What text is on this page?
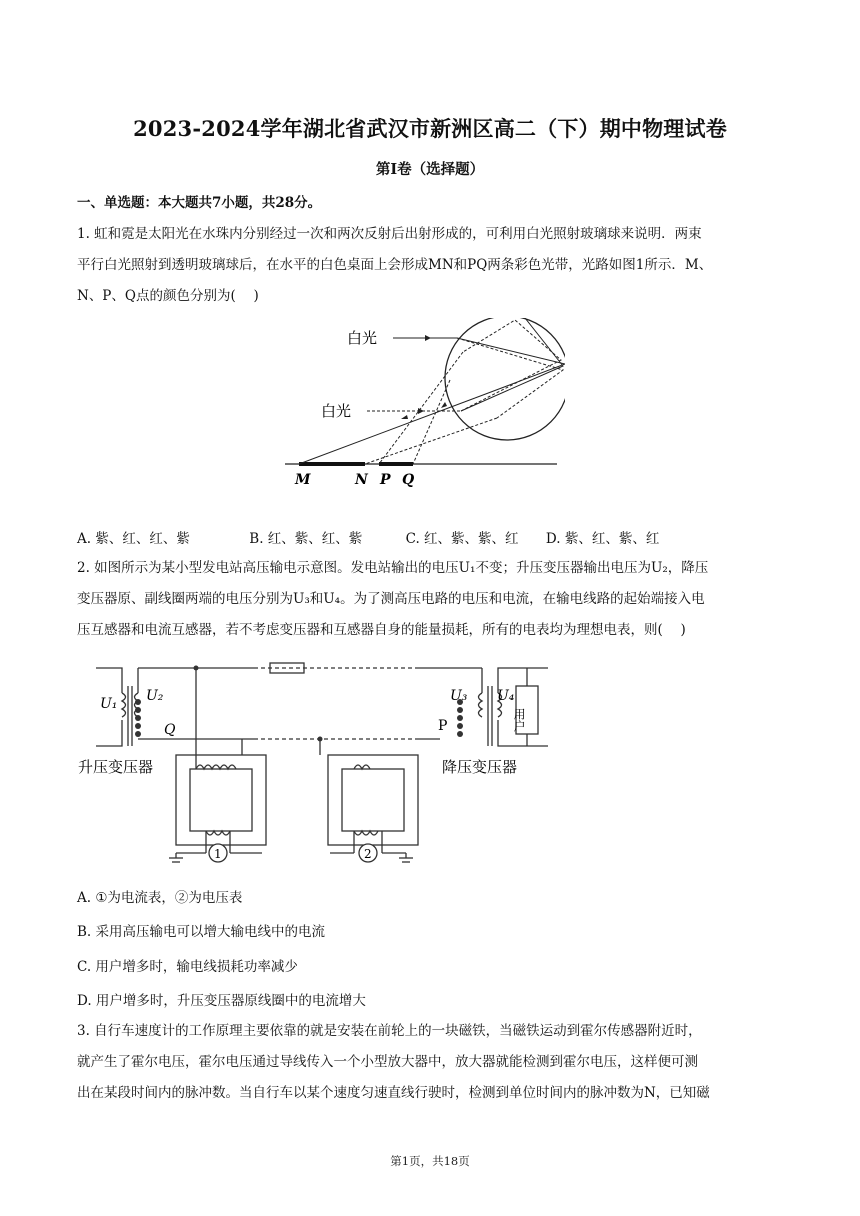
2023-2024学年湖北省武汉市新洲区高二（下）期中物理试卷
第I卷（选择题）
一、单选题：本大题共7小题，共28分。
1. 虹和霓是太阳光在水珠内分别经过一次和两次反射后出射形成的，可利用白光照射玻璃球来说明．两束
平行白光照射到透明玻璃球后，在水平的白色桌面上会形成MN和PQ两条彩色光带，光路如图1所示．M、
N、P、Q点的颜色分别为(　 )
白光
白光
M	N P Q
A. 紫、红、红、紫	B. 红、紫、红、紫	C. 红、紫、紫、红 D. 紫、红、紫、红
2. 如图所示为某小型发电站高压输电示意图。发电站输出的电压U₁不变；升压变压器输出电压为U₂，降压
变压器原、副线圈两端的电压分别为U₃和U₄。为了测高压电路的电压和电流，在输电线路的起始端接入电
压互感器和电流互感器，若不考虑变压器和互感器自身的能量损耗，所有的电表均为理想电表，则(　 )
1	2
U₁ U₂
Q
U₃ U₄
P	用户
升压变压器	降压变压器
A. ①为电流表，②为电压表
B. 采用高压输电可以增大输电线中的电流
C. 用户增多时，输电线损耗功率减少
D. 用户增多时，升压变压器原线圈中的电流增大
3. 自行车速度计的工作原理主要依靠的就是安装在前轮上的一块磁铁，当磁铁运动到霍尔传感器附近时，
就产生了霍尔电压，霍尔电压通过导线传入一个小型放大器中，放大器就能检测到霍尔电压，这样便可测
出在某段时间内的脉冲数。当自行车以某个速度匀速直线行驶时，检测到单位时间内的脉冲数为N，已知磁
第1页，共18页
